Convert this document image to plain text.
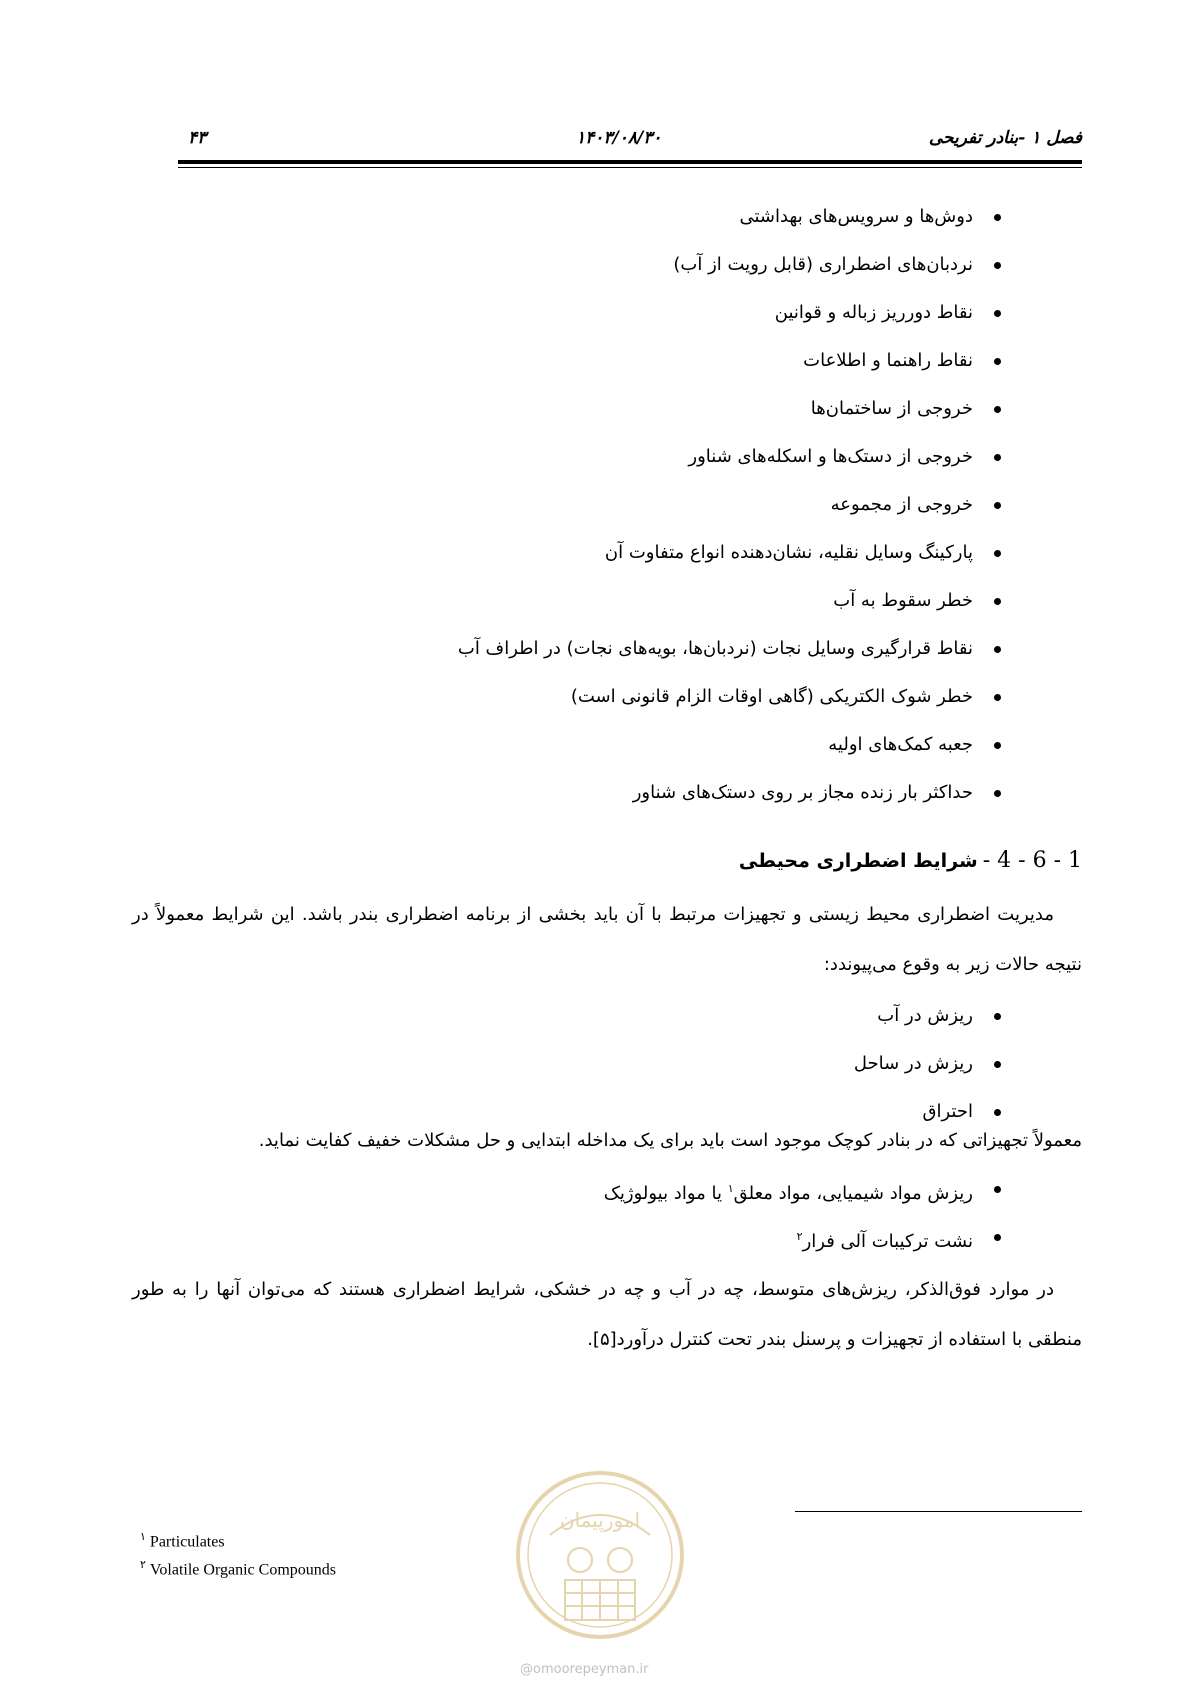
فصل ۱ -بنادر تفریحی
۱۴۰۳/۰۸/۳۰
۴۳
دوش‌ها و سرویس‌های بهداشتی
نردبان‌های اضطراری (قابل رویت از آب)
نقاط دورریز زباله و قوانین
نقاط راهنما و اطلاعات
خروجی از ساختمان‌ها
خروجی از دستک‌ها و اسکله‌های شناور
خروجی از مجموعه
پارکینگ وسایل نقلیه، نشان‌دهنده انواع متفاوت آن
خطر سقوط به آب
نقاط قرارگیری وسایل نجات (نردبان‌ها، بویه‌های نجات) در اطراف آب
خطر شوک الکتریکی (گاهی اوقات الزام قانونی است)
جعبه کمک‌های اولیه
حداکثر بار زنده مجاز بر روی دستک‌های شناور
1 - 6 - 4 - شرایط اضطراری محیطی

مدیریت اضطراری محیط زیستی و تجهیزات مرتبط با آن باید بخشی از برنامه اضطراری بندر باشد. این شرایط معمولاً در نتیجه حالات زیر به وقوع می‌پیوندد:

ریزش در آب
ریزش در ساحل
احتراق
معمولاً تجهیزاتی که در بنادر کوچک موجود است باید برای یک مداخله ابتدایی و حل مشکلات خفیف کفایت نماید.
ریزش مواد شیمیایی، مواد معلق$^۱$ یا مواد بیولوژیک
نشت ترکیبات آلی فرار$^۲$

در موارد فوق‌الذکر، ریزش‌های متوسط، چه در آب و چه در خشکی، شرایط اضطراری هستند که می‌توان آنها را به طور منطقی با استفاده از تجهیزات و پرسنل بندر تحت کنترل درآورد[۵].

$^۱$ Particulates
$^۲$ Volatile Organic Compounds
امورپیمان
@omoorepeyman.ir
